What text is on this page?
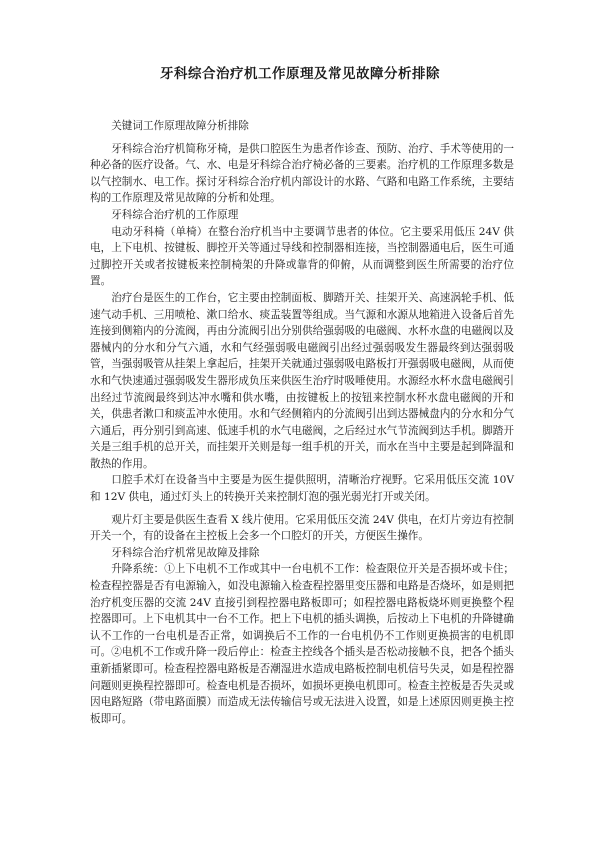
牙科综合治疗机工作原理及常见故障分析排除

关键词工作原理故障分析排除

牙科综合治疗机简称牙椅，是供口腔医生为患者作诊查、预防、治疗、手术等使用的一种必备的医疗设备。气、水、电是牙科综合治疗椅必备的三要素。治疗机的工作原理多数是以气控制水、电工作。探讨牙科综合治疗机内部设计的水路、气路和电路工作系统，主要结构的工作原理及常见故障的分析和处理。

牙科综合治疗机的工作原理

电动牙科椅（单椅）在整台治疗机当中主要调节患者的体位。它主要采用低压 24V 供电，上下电机、按键板、脚控开关等通过导线和控制器相连接，当控制器通电后，医生可通过脚控开关或者按键板来控制椅架的升降或靠背的仰俯，从而调整到医生所需要的治疗位置。

治疗台是医生的工作台，它主要由控制面板、脚踏开关、挂架开关、高速涡轮手机、低速气动手机、三用喷枪、漱口给水、痰盂装置等组成。当气源和水源从地箱进入设备后首先连接到侧箱内的分流阀，再由分流阀引出分别供给强弱吸的电磁阀、水杯水盘的电磁阀以及器械内的分水和分气六通，水和气经强弱吸电磁阀引出经过强弱吸发生器最终到达强弱吸管，当强弱吸管从挂架上拿起后，挂架开关就通过强弱吸电路板打开强弱吸电磁阀，从而使水和气快速通过强弱吸发生器形成负压来供医生治疗时吸唾使用。水源经水杯水盘电磁阀引出经过节流阀最终到达冲水嘴和供水嘴，由按键板上的按钮来控制水杯水盘电磁阀的开和关，供患者漱口和痰盂冲水使用。水和气经侧箱内的分流阀引出到达器械盘内的分水和分气六通后，再分别引到高速、低速手机的水气电磁阀，之后经过水气节流阀到达手机。脚踏开关是三组手机的总开关，而挂架开关则是每一组手机的开关，而水在当中主要是起到降温和散热的作用。

口腔手术灯在设备当中主要是为医生提供照明，清晰治疗视野。它采用低压交流 10V 和 12V 供电，通过灯头上的转换开关来控制灯泡的强光弱光打开或关闭。

观片灯主要是供医生查看 X 线片使用。它采用低压交流 24V 供电，在灯片旁边有控制开关一个，有的设备在主控板上会多一个口腔灯的开关，方便医生操作。

牙科综合治疗机常见故障及排除

升降系统：①上下电机不工作或其中一台电机不工作：检查限位开关是否损坏或卡住；检查程控器是否有电源输入，如没电源输入检查程控器里变压器和电路是否烧坏，如是则把治疗机变压器的交流 24V 直接引到程控器电路板即可；如程控器电路板烧坏则更换整个程控器即可。上下电机其中一台不工作。把上下电机的插头调换，后按动上下电机的升降键确认不工作的一台电机是否正常，如调换后不工作的一台电机仍不工作则更换损害的电机即可。②电机不工作或升降一段后停止：检查主控线各个插头是否松动接触不良，把各个插头重新插紧即可。检查程控器电路板是否潮湿进水造成电路板控制电机信号失灵，如是程控器问题则更换程控器即可。检查电机是否损坏，如损坏更换电机即可。检查主控板是否失灵或因电路短路（带电路面膜）而造成无法传输信号或无法进入设置，如是上述原因则更换主控板即可。
